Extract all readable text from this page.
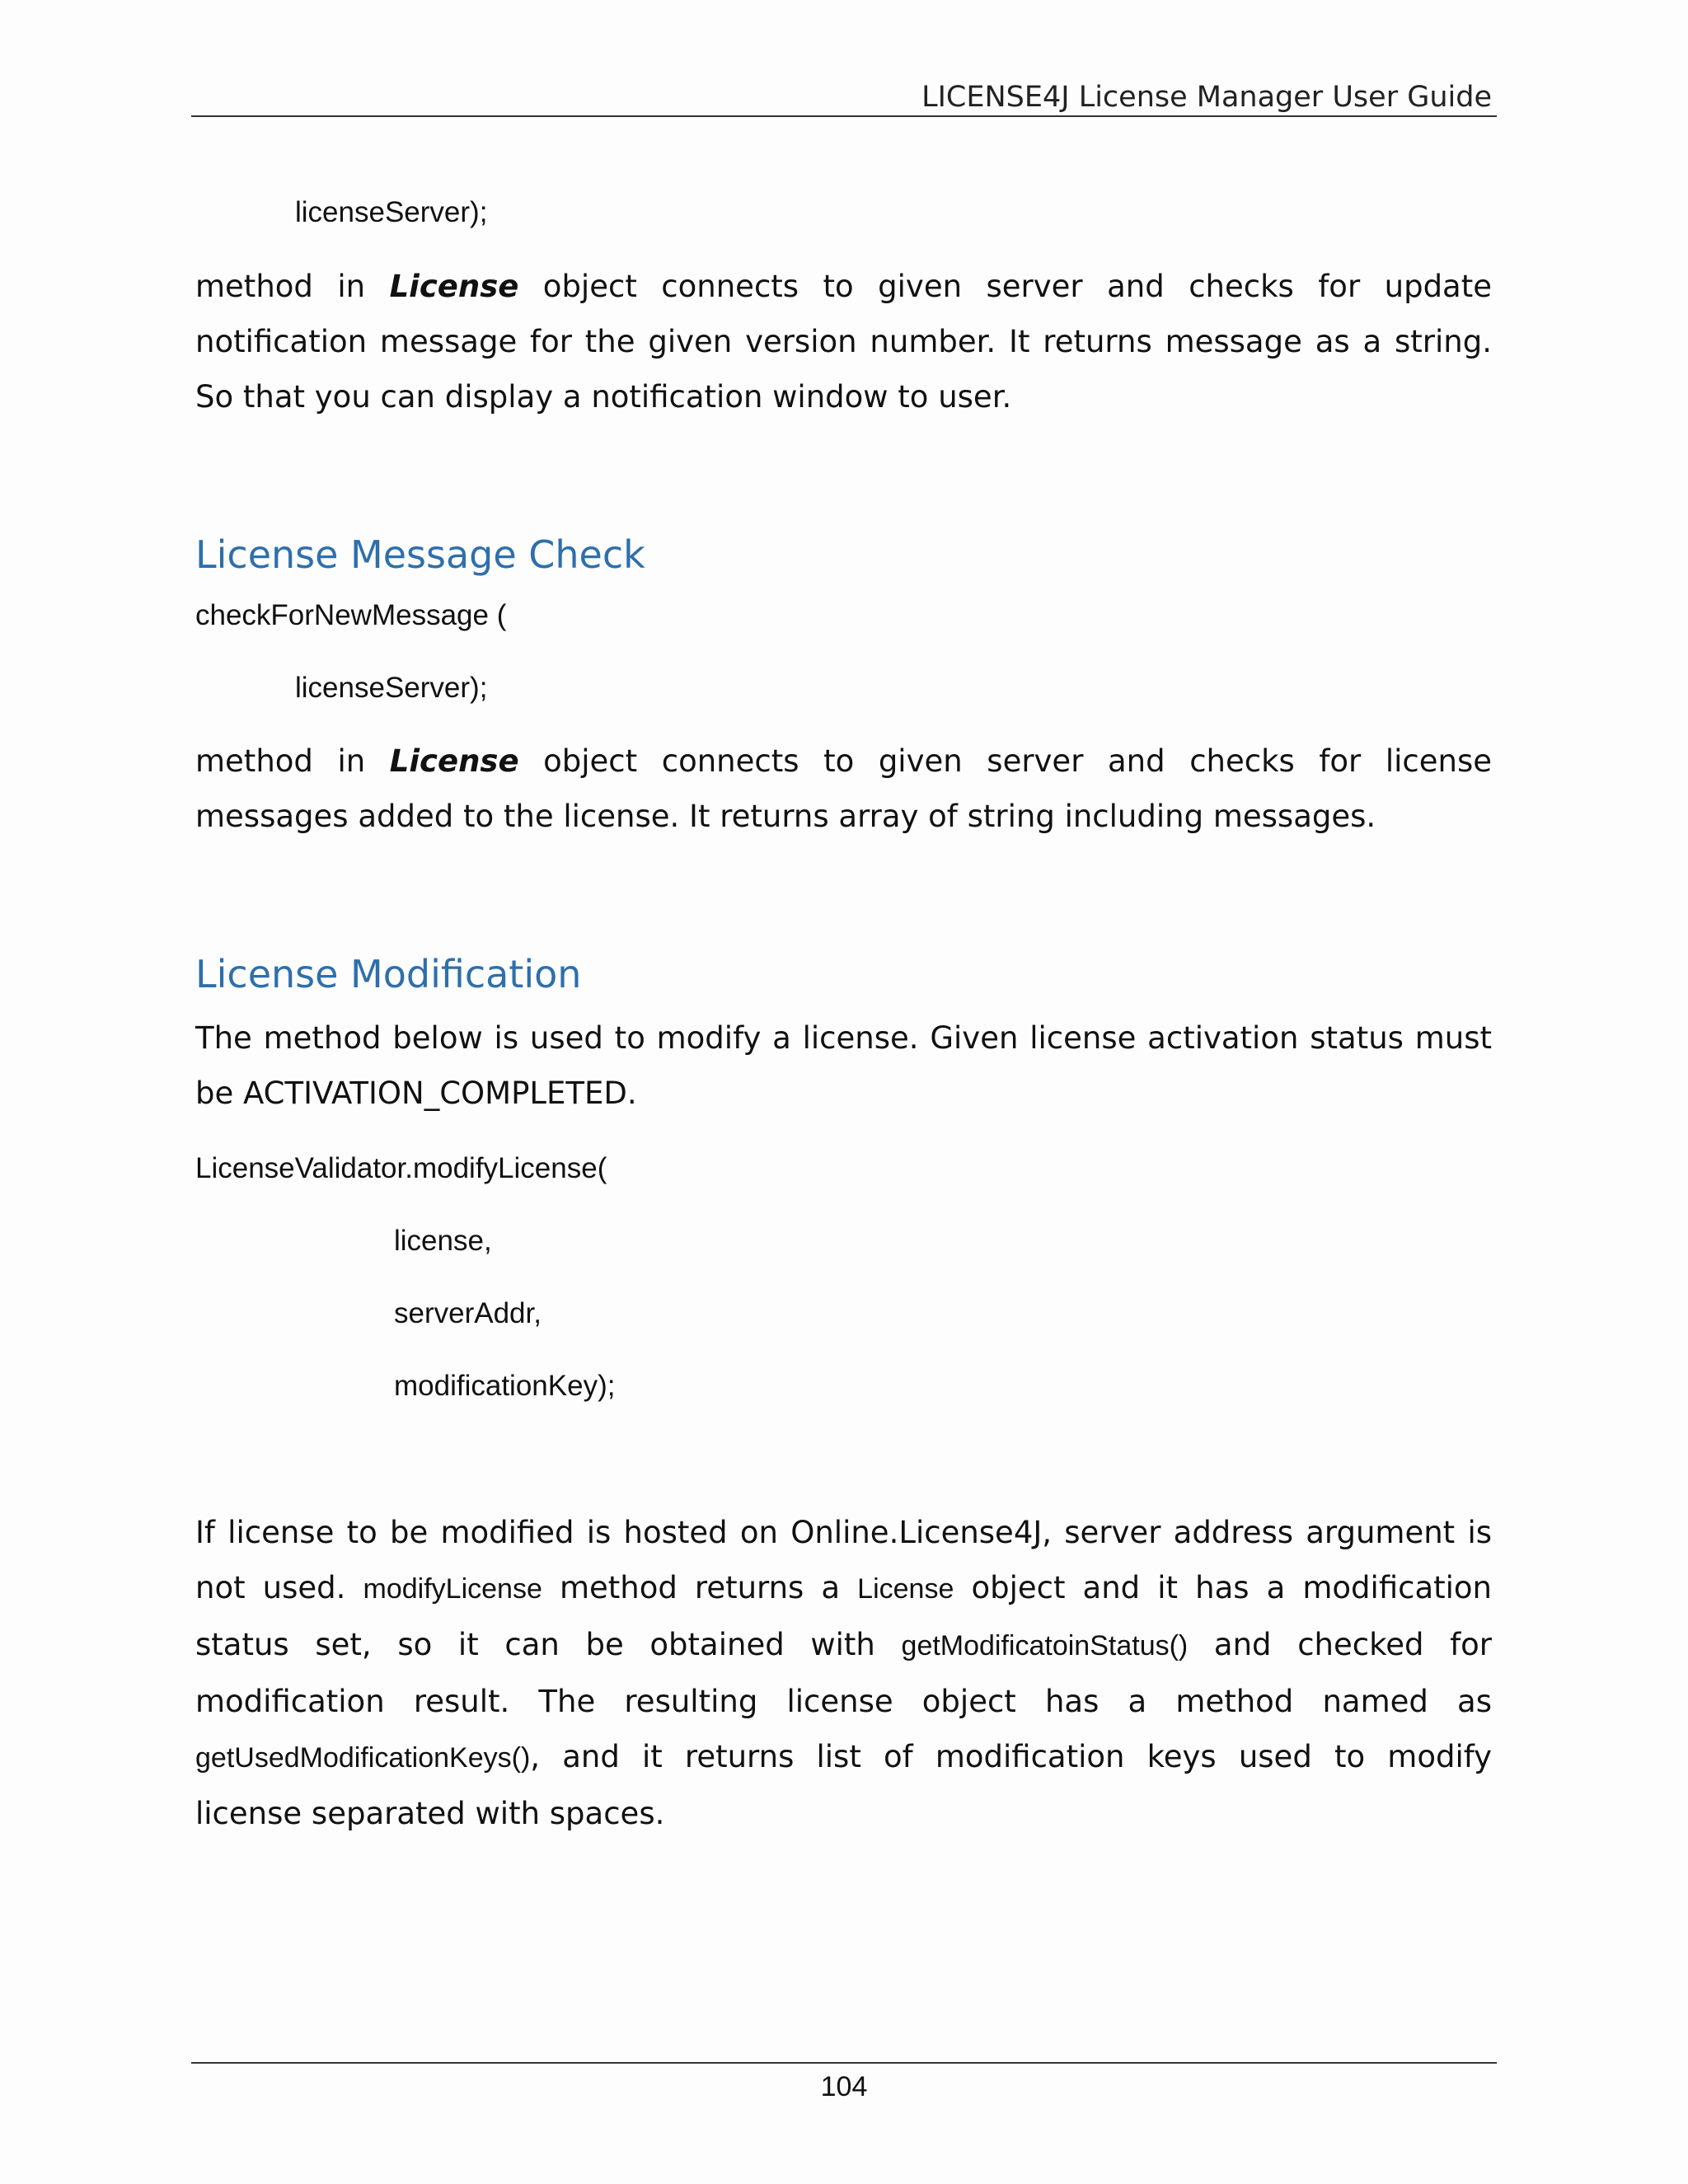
LICENSE4J License Manager User Guide
licenseServer);
method in License object connects to given server and checks for update notification message for the given version number. It returns message as a string. So that you can display a notification window to user.
License Message Check
checkForNewMessage (
licenseServer);
method in License object connects to given server and checks for license messages added to the license. It returns array of string including messages.
License Modification
The method below is used to modify a license. Given license activation status must be ACTIVATION_COMPLETED.
LicenseValidator.modifyLicense(
license,
serverAddr,
modificationKey);
If license to be modified is hosted on Online.License4J, server address argument is
not used. modifyLicense method returns a License object and it has a modification
status set, so it can be obtained with getModificatoinStatus() and checked for
modification result. The resulting license object has a method named as
getUsedModificationKeys(), and it returns list of modification keys used to modify
license separated with spaces.
104
